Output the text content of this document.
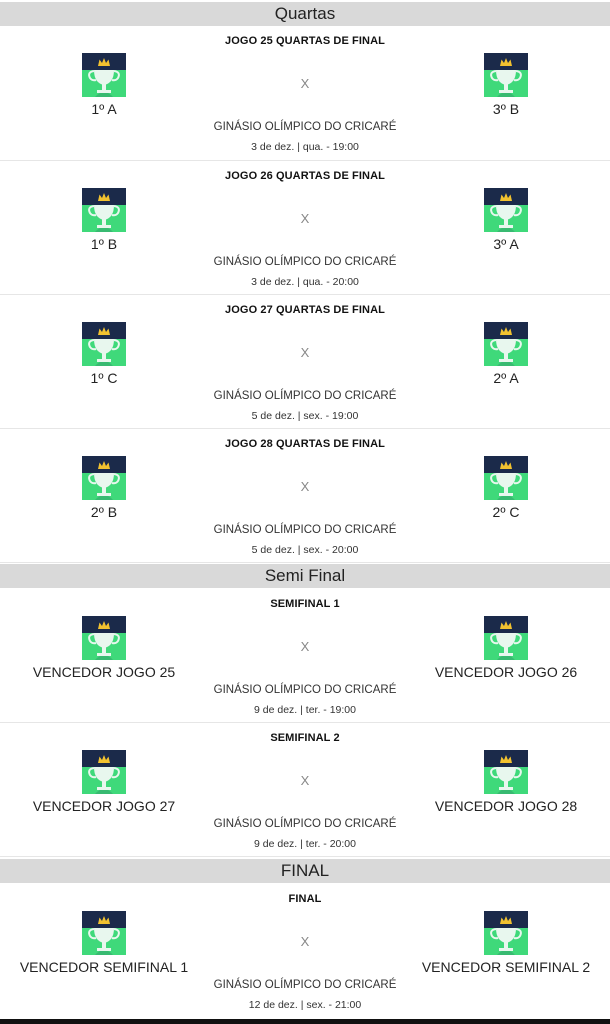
Quartas
JOGO 25 QUARTAS DE FINAL
1º A
X
3º B
GINÁSIO OLÍMPICO DO CRICARÉ
3 de dez. | qua. - 19:00
JOGO 26 QUARTAS DE FINAL
1º B
X
3º A
GINÁSIO OLÍMPICO DO CRICARÉ
3 de dez. | qua. - 20:00
JOGO 27 QUARTAS DE FINAL
1º C
X
2º A
GINÁSIO OLÍMPICO DO CRICARÉ
5 de dez. | sex. - 19:00
JOGO 28 QUARTAS DE FINAL
2º B
X
2º C
GINÁSIO OLÍMPICO DO CRICARÉ
5 de dez. | sex. - 20:00
Semi Final
SEMIFINAL 1
VENCEDOR JOGO 25
X
VENCEDOR JOGO 26
GINÁSIO OLÍMPICO DO CRICARÉ
9 de dez. | ter. - 19:00
SEMIFINAL 2
VENCEDOR JOGO 27
X
VENCEDOR JOGO 28
GINÁSIO OLÍMPICO DO CRICARÉ
9 de dez. | ter. - 20:00
FINAL
FINAL
VENCEDOR SEMIFINAL 1
X
VENCEDOR SEMIFINAL 2
GINÁSIO OLÍMPICO DO CRICARÉ
12 de dez. | sex. - 21:00
